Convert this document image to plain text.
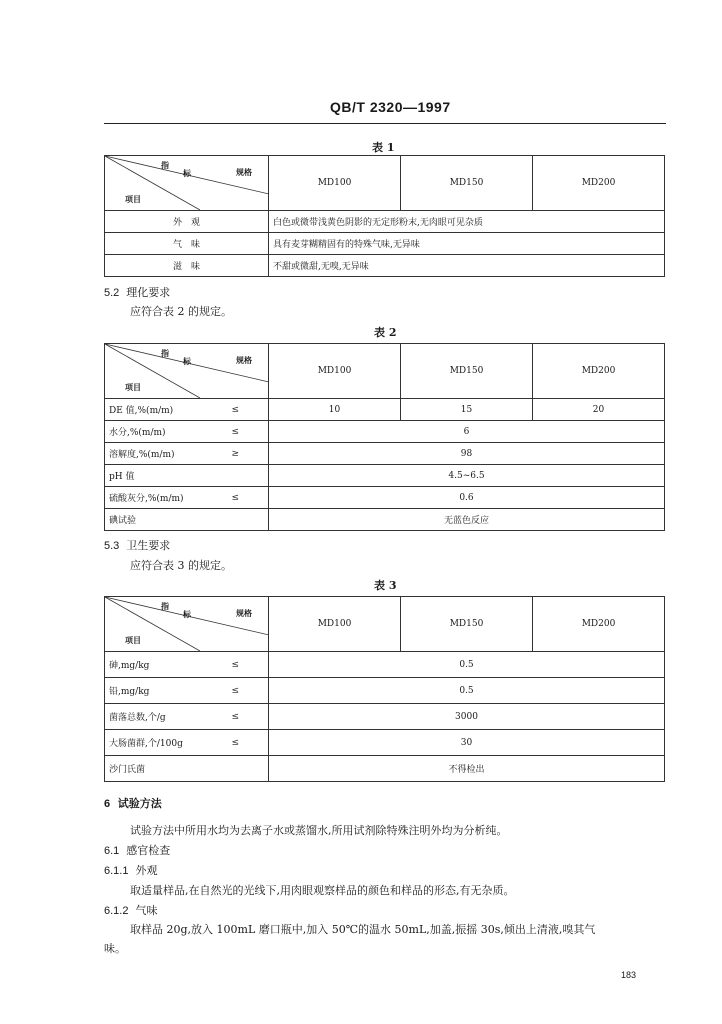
QB/T 2320—1997
表 1
指
标 规格
项目	MD100	MD150	MD200
外　观	白色或微带浅黄色阴影的无定形粉末,无肉眼可见杂质		
气　味	具有麦芽糊精固有的特殊气味,无异味		
滋　味	不甜或微甜,无嗅,无异味		
5.2 理化要求
应符合表 2 的规定。
表 2
指
标 规格
项目		MD100	MD150	MD200
DE 值,%(m/m)	≤	10	15	20
水分,%(m/m)	≤	6		
溶解度,%(m/m)	≥	98		
pH 值		4.5~6.5		
硫酸灰分,%(m/m)	≤	0.6		
碘试验		无蓝色反应		
5.3 卫生要求
应符合表 3 的规定。
表 3
指
标 规格
项目		MD100	MD150	MD200
砷,mg/kg	≤	0.5		
铅,mg/kg	≤	0.5		
菌落总数,个/g	≤	3000		
大肠菌群,个/100g	≤	30		
沙门氏菌		不得检出		
6 试验方法
试验方法中所用水均为去离子水或蒸馏水,所用试剂除特殊注明外均为分析纯。
6.1 感官检查
6.1.1 外观
取适量样品,在自然光的光线下,用肉眼观察样品的颜色和样品的形态,有无杂质。
6.1.2 气味
取样品 20g,放入 100mL 磨口瓶中,加入 50℃的温水 50mL,加盖,振摇 30s,倾出上清液,嗅其气
味。
183
